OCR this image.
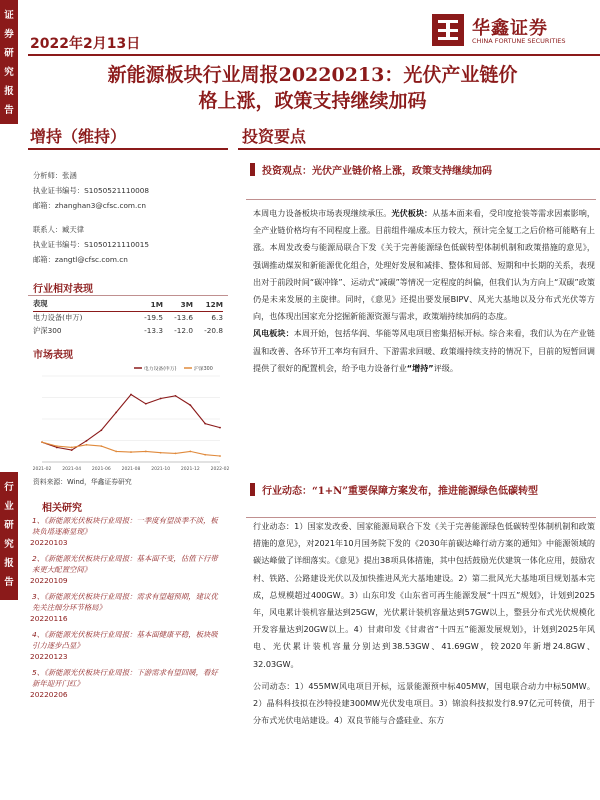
证
券
研
究
报
告
行
业
研
究
报
告
2022年2月13日
华鑫证券
CHINA FORTUNE SECURITIES
新能源板块行业周报20220213：光伏产业链价
格上涨，政策支持继续加码
增持（维持）	投资要点
分析师：张涵
执业证书编号：S1050521110008
邮箱：zhanghan3@cfsc.com.cn
联系人：臧天律
执业证书编号：S1050121110015
邮箱：zangtl@cfsc.com.cn
行业相对表现
表现	1M	3M	12M
电力设备(申万)	-19.5	-13.6	6.3
沪深300	-13.3	-12.0	-20.8
市场表现
2021-02 2021-04 2021-06 2021-08 2021-10 2021-12 2022-02
电力设备(申万)	沪深300
资料来源：Wind，华鑫证券研究
相关研究
1、《新能源光伏板块行业周报：一季度有望淡季不淡，板块负塔逐渐显现》
20220103
2、《新能源光伏板块行业周报：基本面不变，估值下行带来更大配置空间》
20220109
3、《新能源光伏板块行业周报：需求有望超预期，建议优先关注细分环节格局》
20220116
4、《新能源光伏板块行业周报：基本面健康平稳，板块吸引力逐步凸显》
20220123
5、《新能源光伏板块行业周报：下游需求有望回暖，看好新年迎开门红》
20220206
投资观点：光伏产业链价格上涨，政策支持继续加码
本周电力设备板块市场表现继续承压。光伏板块：从基本面来看，受印度抢装等需求因素影响，全产业链价格均有不同程度上涨。目前组件端成本压力较大，预计完全复工之后价格可能略有上涨。本周发改委与能源局联合下发《关于完善能源绿色低碳转型体制机制和政策措施的意见》，强调推动煤炭和新能源优化组合，处理好发展和减排、整体和局部、短期和中长期的关系，表现出对于前段时间“碳冲锋”、运动式“减碳”等情况一定程度的纠偏，但我们认为方向上“双碳”政策仍是未来发展的主旋律。同时，《意见》还提出要发展BIPV、风光大基地以及分布式光伏等方向，也体现出国家充分挖掘新能源资源与需求，政策端持续加码的态度。
风电板块：本周开始，包括华润、华能等风电项目密集招标开标。综合来看，我们认为在产业链温和改善、各环节开工率均有回升、下游需求回暖、政策端持续支持的情况下，目前的短暂回调提供了很好的配置机会，给予电力设备行业“增持”评级。
行业动态：“1+N”重要保障方案发布，推进能源绿色低碳转型
行业动态：1）国家发改委、国家能源局联合下发《关于完善能源绿色低碳转型体制机制和政策措施的意见》，对2021年10月国务院下发的《2030年前碳达峰行动方案的通知》中能源领域的碳达峰做了详细落实。《意见》提出38项具体措施，其中包括鼓励光伏建筑一体化应用，鼓励农村、铁路、公路建设光伏以及加快推进风光大基地建设。2）第二批风光大基地项目规划基本完成，总规模超过400GW。3）山东印发《山东省可再生能源发展“十四五”规划》，计划到2025年，风电累计装机容量达到25GW，光伏累计装机容量达到57GW以上，整县分布式光伏规模化开发容量达到20GW以上。4）甘肃印发《甘肃省“十四五”能源发展规划》，计划到2025年风电、光伏累计装机容量分别达到38.53GW、41.69GW，较2020年新增24.8GW、32.03GW。
公司动态：1）455MW风电项目开标，远景能源预中标405MW，国电联合动力中标50MW。2）晶科科技拟在沙特投建300MW光伏发电项目。3）锦浪科技拟发行8.97亿元可转债，用于分布式光伏电站建设。4）双良节能与合盛硅业、东方
